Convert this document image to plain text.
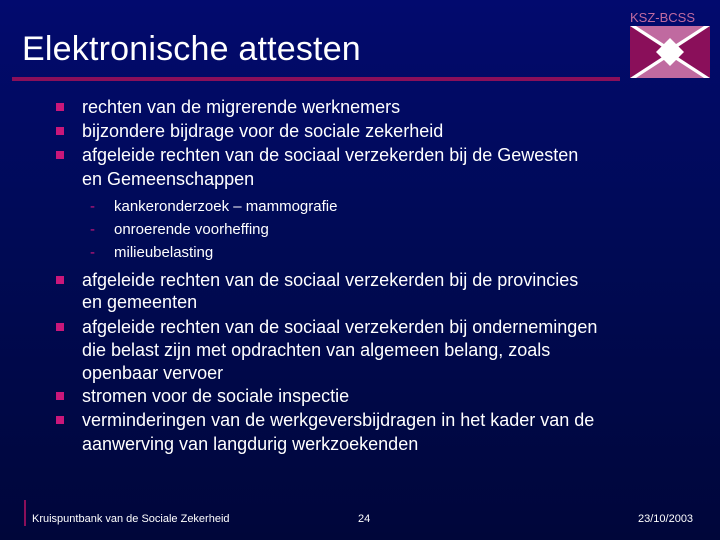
Elektronische attesten
KSZ-BCSS
rechten van de migrerende werknemers
bijzondere bijdrage voor de sociale zekerheid
afgeleide rechten van de sociaal verzekerden bij de Gewesten
en Gemeenschappen
- kankeronderzoek – mammografie
- onroerende voorheffing
- milieubelasting
afgeleide rechten van de sociaal verzekerden bij de provincies
en gemeenten
afgeleide rechten van de sociaal verzekerden bij ondernemingen
die belast zijn met opdrachten van algemeen belang, zoals
openbaar vervoer
stromen voor de sociale inspectie
verminderingen van de werkgeversbijdragen in het kader van de
aanwerving van langdurig werkzoekenden
Kruispuntbank van de Sociale Zekerheid	24	23/10/2003
